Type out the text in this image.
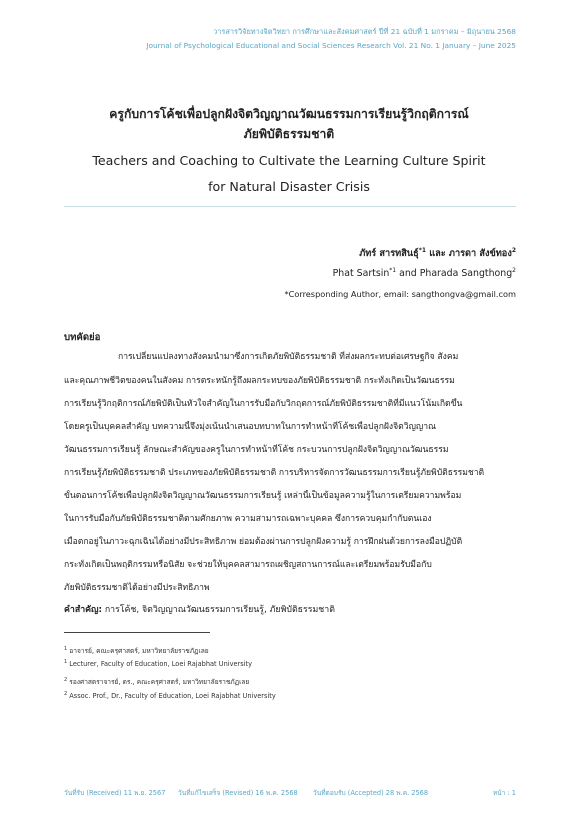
วารสารวิจัยทางจิตวิทยา การศึกษาและสังคมศาสตร์ ปีที่ 21 ฉบับที่ 1 มกราคม – มิถุนายน 2568
Journal of Psychological Educational and Social Sciences Research Vol. 21 No. 1 January – June 2025
ครูกับการโค้ชเพื่อปลูกฝังจิตวิญญาณวัฒนธรรมการเรียนรู้วิกฤติการณ์
ภัยพิบัติธรรมชาติ
Teachers and Coaching to Cultivate the Learning Culture Spirit
for Natural Disaster Crisis
ภัทร์ สารทสินธุ์$^{*1}$ และ ภารดา สังข์ทอง$^2$
Phat Sartsin$^{*1}$ and Pharada Sangthong$^2$
*Corresponding Author, email: sangthongva@gmail.com
บทคัดย่อ
การเปลี่ยนแปลงทางสังคมนำมาซึ่งการเกิดภัยพิบัติธรรมชาติ ที่ส่งผลกระทบต่อเศรษฐกิจ สังคม
และคุณภาพชีวิตของคนในสังคม การตระหนักรู้ถึงผลกระทบของภัยพิบัติธรรมชาติ กระทั่งเกิดเป็นวัฒนธรรม
การเรียนรู้วิกฤติการณ์ภัยพิบัติเป็นหัวใจสำคัญในการรับมือกับวิกฤตการณ์ภัยพิบัติธรรมชาติที่มีแนวโน้มเกิดขึ้น
โดยครูเป็นบุคคลสำคัญ บทความนี้จึงมุ่งเน้นนำเสนอบทบาทในการทำหน้าที่โค้ชเพื่อปลูกฝังจิตวิญญาณ
วัฒนธรรมการเรียนรู้ ลักษณะสำคัญของครูในการทำหน้าที่โค้ช กระบวนการปลูกฝังจิตวิญญาณวัฒนธรรม
การเรียนรู้ภัยพิบัติธรรมชาติ ประเภทของภัยพิบัติธรรมชาติ การบริหารจัดการวัฒนธรรมการเรียนรู้ภัยพิบัติธรรมชาติ
ขั้นตอนการโค้ชเพื่อปลูกฝังจิตวิญญาณวัฒนธรรมการเรียนรู้ เหล่านี้เป็นข้อมูลความรู้ในการเตรียมความพร้อม
ในการรับมือกับภัยพิบัติธรรมชาติตามศักยภาพ ความสามารถเฉพาะบุคคล ซึ่งการควบคุมกำกับตนเอง
เมื่อตกอยู่ในภาวะฉุกเฉินได้อย่างมีประสิทธิภาพ ย่อมต้องผ่านการปลูกฝังความรู้ การฝึกฝนด้วยการลงมือปฏิบัติ
กระทั่งเกิดเป็นพฤติกรรมหรือนิสัย จะช่วยให้บุคคลสามารถเผชิญสถานการณ์และเตรียมพร้อมรับมือกับ
ภัยพิบัติธรรมชาติได้อย่างมีประสิทธิภาพ
คำสำคัญ: การโค้ช, จิตวิญญาณวัฒนธรรมการเรียนรู้, ภัยพิบัติธรรมชาติ
$^1$ อาจารย์, คณะครุศาสตร์, มหาวิทยาลัยราชภัฏเลย
$^1$ Lecturer, Faculty of Education, Loei Rajabhat University
$^2$ รองศาสตราจารย์, ดร., คณะครุศาสตร์, มหาวิทยาลัยราชภัฏเลย
$^2$ Assoc. Prof., Dr., Faculty of Education, Loei Rajabhat University
วันที่รับ (Received) 11 พ.ย. 2567 วันที่แก้ไขเสร็จ (Revised) 16 พ.ค. 2568 วันที่ตอบรับ (Accepted) 28 พ.ค. 2568	หน้า : 1
